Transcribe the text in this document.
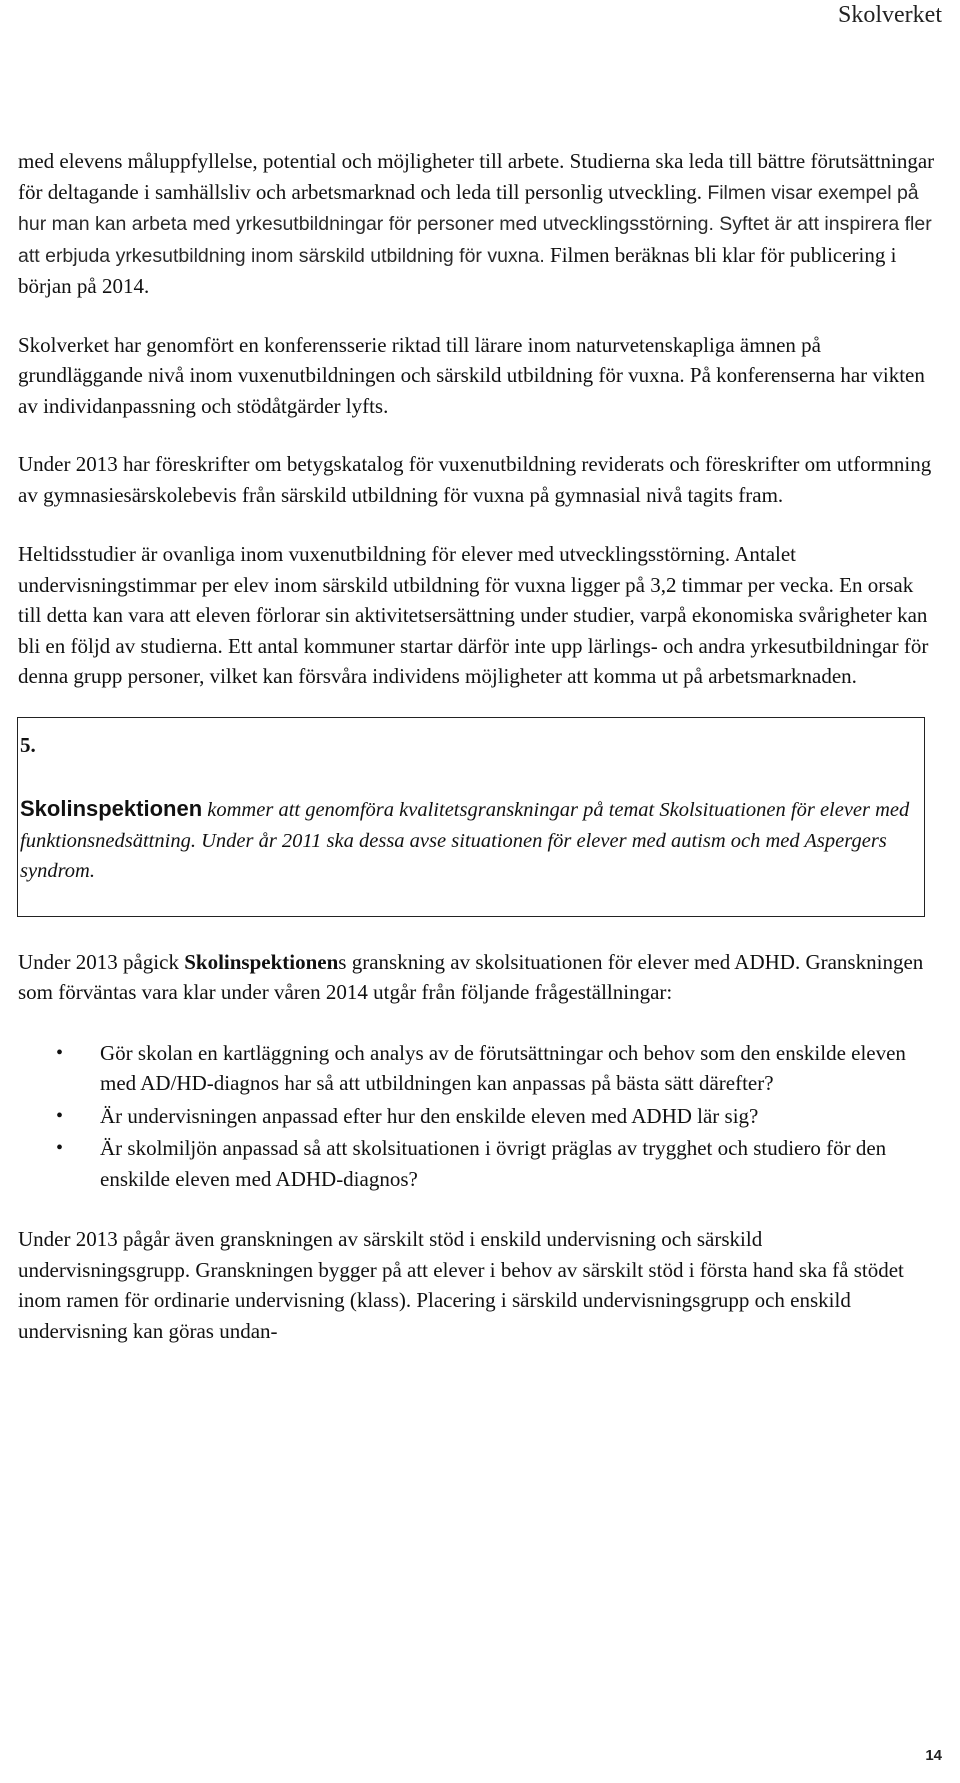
Skolverket

med elevens måluppfyllelse, potential och möjligheter till arbete. Studierna ska leda till bättre förutsättningar för deltagande i samhällsliv och arbetsmarknad och leda till personlig utveckling. Filmen visar exempel på hur man kan arbeta med yrkesutbildningar för personer med utvecklingsstörning. Syftet är att inspirera fler att erbjuda yrkesutbildning inom särskild utbildning för vuxna. Filmen beräknas bli klar för publicering i början på 2014.

Skolverket har genomfört en konferensserie riktad till lärare inom naturvetenskapliga ämnen på grundläggande nivå inom vuxenutbildningen och särskild utbildning för vuxna. På konferenserna har vikten av individanpassning och stödåtgärder lyfts.

Under 2013 har föreskrifter om betygskatalog för vuxenutbildning reviderats och föreskrifter om utformning av gymnasiesärskolebevis från särskild utbildning för vuxna på gymnasial nivå tagits fram.

Heltidsstudier är ovanliga inom vuxenutbildning för elever med utvecklingsstörning. Antalet undervisningstimmar per elev inom särskild utbildning för vuxna ligger på 3,2 timmar per vecka. En orsak till detta kan vara att eleven förlorar sin aktivitetsersättning under studier, varpå ekonomiska svårigheter kan bli en följd av studierna. Ett antal kommuner startar därför inte upp lärlings- och andra yrkesutbildningar för denna grupp personer, vilket kan försvåra individens möjligheter att komma ut på arbetsmarknaden.

5.

Skolinspektionen kommer att genomföra kvalitetsgranskningar på temat Skolsituationen för elever med funktionsnedsättning. Under år 2011 ska dessa avse situationen för elever med autism och med Aspergers syndrom.

Under 2013 pågick Skolinspektionens granskning av skolsituationen för elever med ADHD. Granskningen som förväntas vara klar under våren 2014 utgår från följande frågeställningar:

• Gör skolan en kartläggning och analys av de förutsättningar och behov som den enskilde eleven med AD/HD-diagnos har så att utbildningen kan anpassas på bästa sätt därefter?
• Är undervisningen anpassad efter hur den enskilde eleven med ADHD lär sig?
• Är skolmiljön anpassad så att skolsituationen i övrigt präglas av trygghet och studiero för den enskilde eleven med ADHD-diagnos?

Under 2013 pågår även granskningen av särskilt stöd i enskild undervisning och särskild undervisningsgrupp. Granskningen bygger på att elever i behov av särskilt stöd i första hand ska få stödet inom ramen för ordinarie undervisning (klass). Placering i särskild undervisningsgrupp och enskild undervisning kan göras undan-

14
